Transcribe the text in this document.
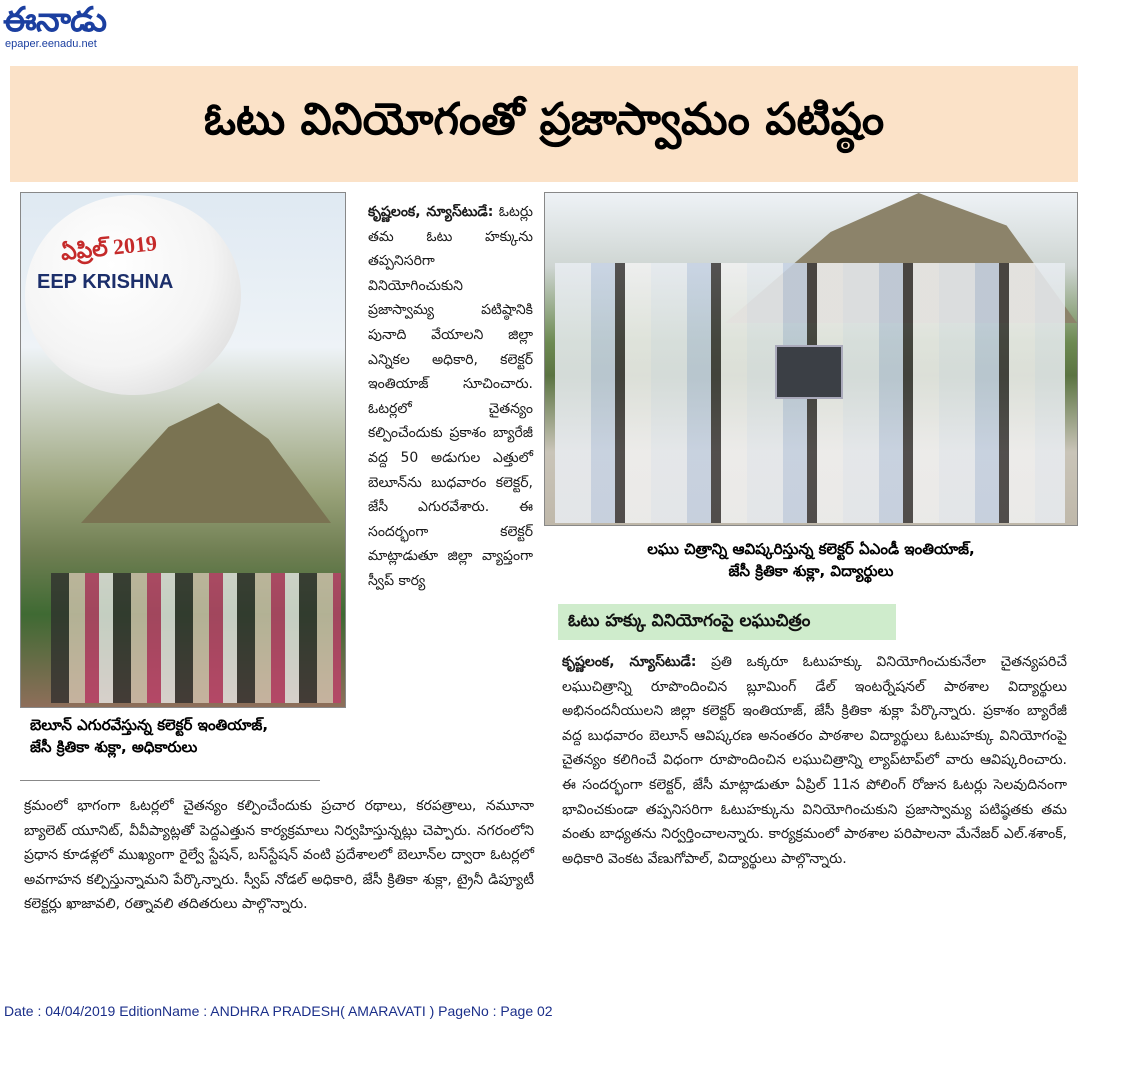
ఈనాడు
epaper.eenadu.net
ఓటు వినియోగంతో ప్రజాస్వామం పటిష్ఠం
ఏప్రిల్ 2019
EEP KRISHNA
కృష్ణలంక, న్యూస్‌టుడే: ఓటర్లు తమ ఓటు హక్కును తప్పనిసరిగా వినియోగించుకుని ప్రజాస్వామ్య పటిష్ఠానికి పునాది వేయాలని జిల్లా ఎన్నికల అధికారి, కలెక్టర్ ఇంతియాజ్ సూచించారు. ఓటర్లలో చైతన్యం కల్పించేందుకు ప్రకాశం బ్యారేజీ వద్ద 50 అడుగుల ఎత్తులో బెలూన్‌ను బుధవారం కలెక్టర్, జేసీ ఎగురవేశారు. ఈ సందర్భంగా కలెక్టర్ మాట్లాడుతూ జిల్లా వ్యాప్తంగా స్వీప్ కార్య
బెలూన్ ఎగురవేస్తున్న కలెక్టర్ ఇంతియాజ్,
జేసీ క్రితికా శుక్లా, అధికారులు
క్రమంలో భాగంగా ఓటర్లలో చైతన్యం కల్పించేందుకు ప్రచార రథాలు, కరపత్రాలు, నమూనా బ్యాలెట్ యూనిట్, వీవీప్యాట్లతో పెద్దఎత్తున కార్యక్రమాలు నిర్వహిస్తున్నట్లు చెప్పారు. నగరంలోని ప్రధాన కూడళ్లలో ముఖ్యంగా రైల్వే స్టేషన్, బస్‌స్టేషన్ వంటి ప్రదేశాలలో బెలూన్‌ల ద్వారా ఓటర్లలో అవగాహన కల్పిస్తున్నామని పేర్కొన్నారు. స్వీప్ నోడల్ అధికారి, జేసీ క్రితికా శుక్లా, ట్రైనీ డిప్యూటీ కలెక్టర్లు ఖాజావలి, రత్నావలి తదితరులు పాల్గొన్నారు.
లఘు చిత్రాన్ని ఆవిష్కరిస్తున్న కలెక్టర్ ఏఎండీ ఇంతియాజ్,
జేసీ క్రితికా శుక్లా, విద్యార్థులు
ఓటు హక్కు వినియోగంపై లఘుచిత్రం
కృష్ణలంక, న్యూస్‌టుడే: ప్రతి ఒక్కరూ ఓటుహక్కు వినియోగించుకునేలా చైతన్యపరిచే లఘుచిత్రాన్ని రూపొందించిన బ్లూమింగ్ డేల్ ఇంటర్నేషనల్ పాఠశాల విద్యార్థులు అభినందనీయులని జిల్లా కలెక్టర్ ఇంతియాజ్, జేసీ క్రితికా శుక్లా పేర్కొన్నారు. ప్రకాశం బ్యారేజీ వద్ద బుధవారం బెలూన్ ఆవిష్కరణ అనంతరం పాఠశాల విద్యార్థులు ఓటుహక్కు వినియోగంపై చైతన్యం కలిగించే విధంగా రూపొందించిన లఘుచిత్రాన్ని ల్యాప్‌టాప్‌లో వారు ఆవిష్కరించారు. ఈ సందర్భంగా కలెక్టర్, జేసీ మాట్లాడుతూ ఏప్రిల్ 11న పోలింగ్ రోజున ఓటర్లు సెలవుదినంగా భావించకుండా తప్పనిసరిగా ఓటుహక్కును వినియోగించుకుని ప్రజాస్వామ్య పటిష్ఠతకు తమ వంతు బాధ్యతను నిర్వర్తించాలన్నారు. కార్యక్రమంలో పాఠశాల పరిపాలనా మేనేజర్ ఎల్.శశాంక్, అధికారి వెంకట వేణుగోపాల్, విద్యార్థులు పాల్గొన్నారు.
Date : 04/04/2019 EditionName : ANDHRA PRADESH( AMARAVATI ) PageNo : Page 02
